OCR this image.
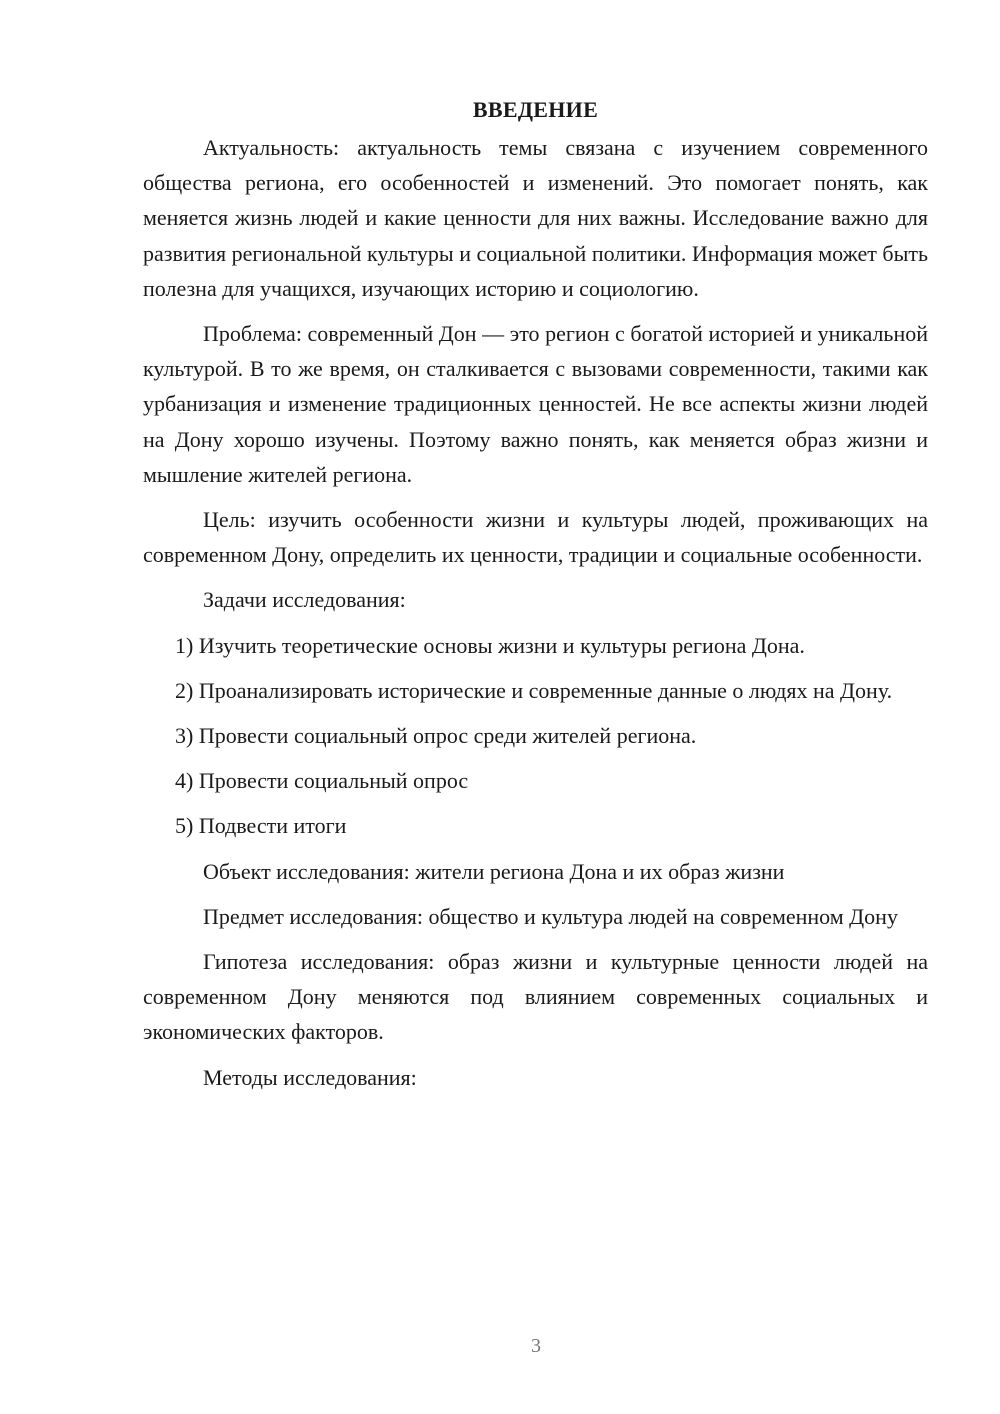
ВВЕДЕНИЕ

Актуальность: актуальность темы связана с изучением современного общества региона, его особенностей и изменений. Это помогает понять, как меняется жизнь людей и какие ценности для них важны. Исследование важно для развития региональной культуры и социальной политики. Информация может быть полезна для учащихся, изучающих историю и социологию.

Проблема: современный Дон — это регион с богатой историей и уникальной культурой. В то же время, он сталкивается с вызовами современности, такими как урбанизация и изменение традиционных ценностей. Не все аспекты жизни людей на Дону хорошо изучены. Поэтому важно понять, как меняется образ жизни и мышление жителей региона.

Цель: изучить особенности жизни и культуры людей, проживающих на современном Дону, определить их ценности, традиции и социальные особенности.

Задачи исследования:

1) Изучить теоретические основы жизни и культуры региона Дона.

2) Проанализировать исторические и современные данные о людях на Дону.

3) Провести социальный опрос среди жителей региона.

4) Провести социальный опрос

5) Подвести итоги

Объект исследования: жители региона Дона и их образ жизни

Предмет исследования: общество и культура людей на современном Дону

Гипотеза исследования: образ жизни и культурные ценности людей на современном Дону меняются под влиянием современных социальных и экономических факторов.

Методы исследования:

3
